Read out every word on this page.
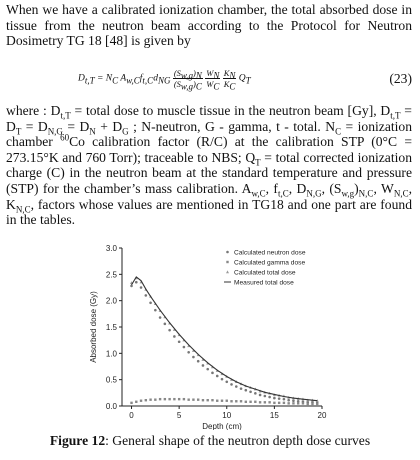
When we have a calibrated ionization chamber, the total absorbed dose in tissue from the neutron beam according to the Protocol for Neutron Dosimetry TG 18 [48] is given by

$D_{t,T} = N_C$ $A_{w,C}f_{t,C}d_{NG} \frac{(S_{w,g})_N}{(S_{w,g})_C}$
$\frac{W_N}{W_C}$
$\frac{K_N}{K_C} Q_T$	(23)

where : $D_{t,T}$ = total dose to muscle tissue in the neutron beam [Gy], $D_{t,T} = D_T = D_{N,G} = D_N + D_G$ ; N-neutron, G - gamma, t - total. $N_C$ = ionization chamber $^{60}$Co calibration factor (R/C) at the calibration STP (0°C = 273.15°K and 760 Torr); traceable to NBS; $Q_T$ = total corrected ionization charge (C) in the neutron beam at the standard temperature and pressure (STP) for the chamber’s mass calibration. $A_{w,C}$, $f_{t,C}$, $D_{N,G}$, $(S_{w,g})_{N,C}$, $W_{N,C}$, $K_{N,C}$, factors whose values are mentioned in TG18 and one part are found in the tables.

0.0
0.5
1.0
1.5
2.0
2.5
3.0
0	5	10	15	20
Depth (cm)
Absorbed dose (Gy)
Calculated neutron dose
Calculated gamma dose
Calculated total dose
Measured total dose
Figure 12: General shape of the neutron depth dose curves
